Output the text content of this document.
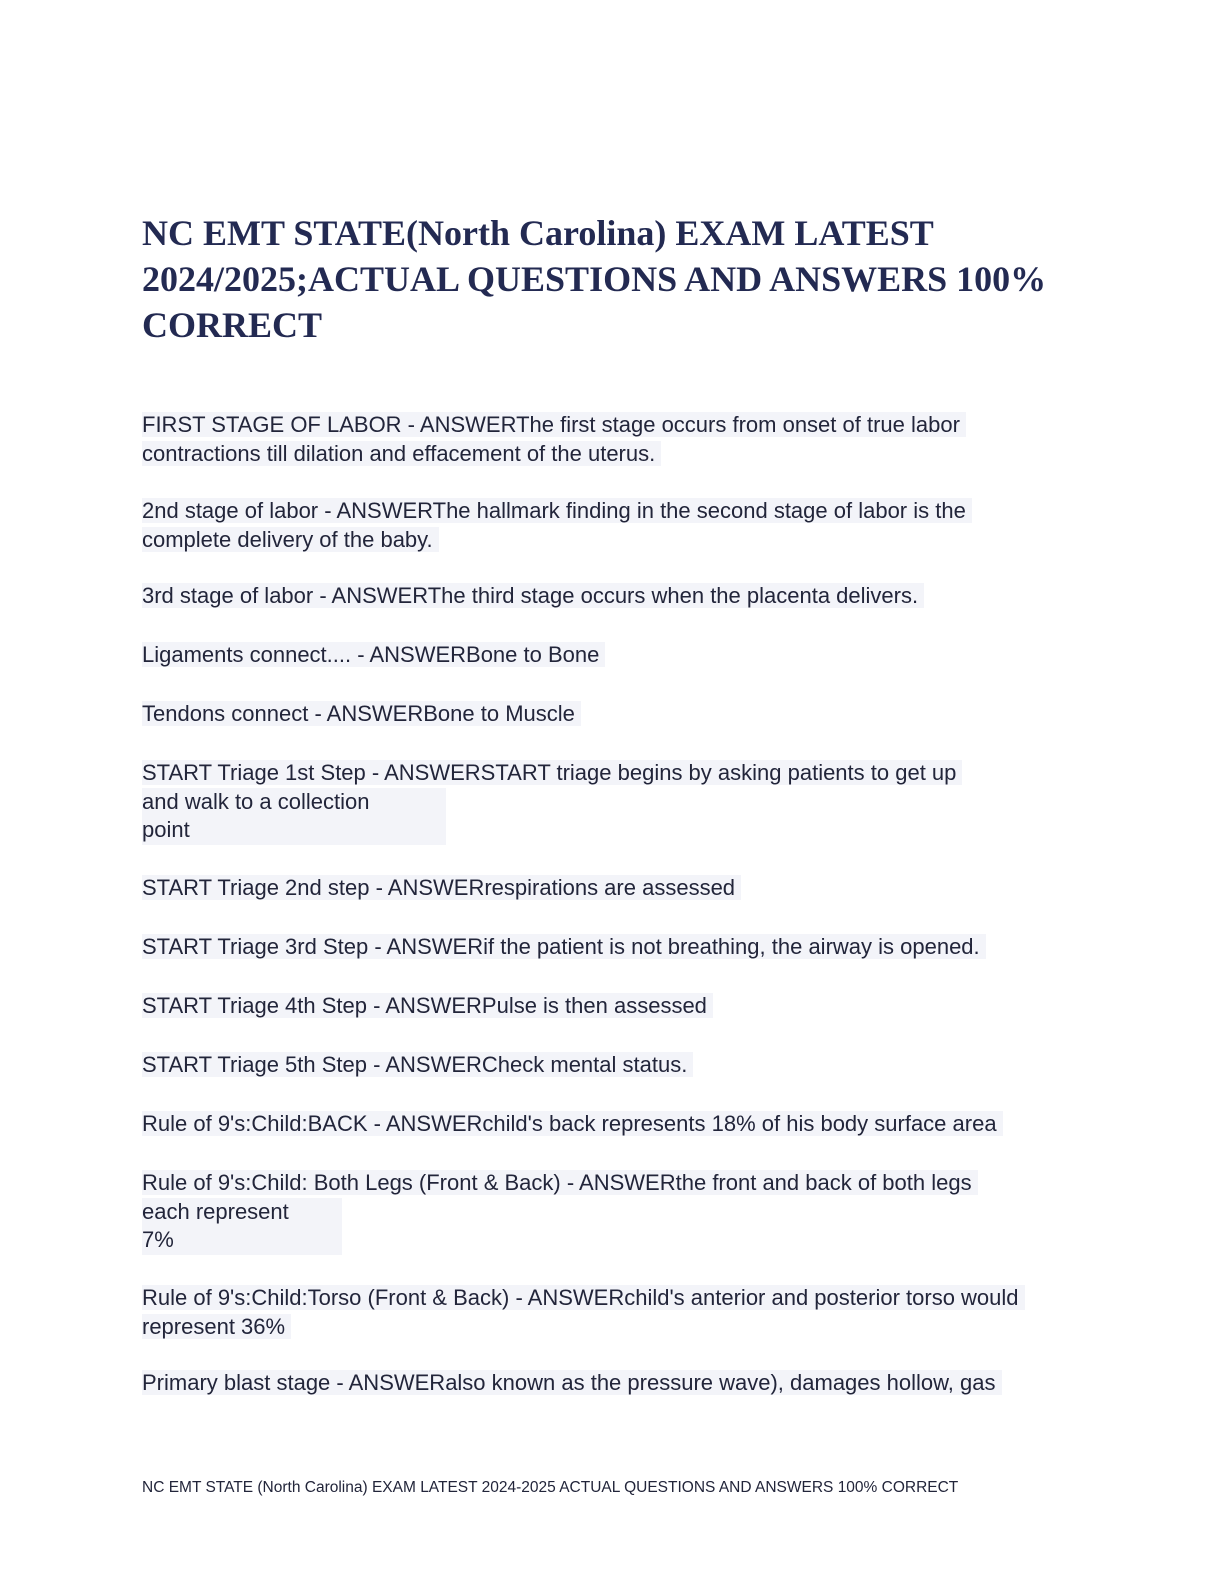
NC EMT STATE(North Carolina) EXAM LATEST 2024/2025;ACTUAL QUESTIONS AND ANSWERS 100% CORRECT
FIRST STAGE OF LABOR - ANSWERThe first stage occurs from onset of true labor contractions till dilation and effacement of the uterus.
2nd stage of labor - ANSWERThe hallmark finding in the second stage of labor is the complete delivery of the baby.
3rd stage of labor - ANSWERThe third stage occurs when the placenta delivers.
Ligaments connect.... - ANSWERBone to Bone
Tendons connect - ANSWERBone to Muscle
START Triage 1st Step - ANSWERSTART triage begins by asking patients to get up
and walk to a collection
point
START Triage 2nd step - ANSWERrespirations are assessed
START Triage 3rd Step - ANSWERif the patient is not breathing, the airway is opened.
START Triage 4th Step - ANSWERPulse is then assessed
START Triage 5th Step - ANSWERCheck mental status.
Rule of 9's:Child:BACK - ANSWERchild's back represents 18% of his body surface area
Rule of 9's:Child: Both Legs (Front & Back) - ANSWERthe front and back of both legs
each represent
7%
Rule of 9's:Child:Torso (Front & Back) - ANSWERchild's anterior and posterior torso would represent 36%
Primary blast stage - ANSWERalso known as the pressure wave), damages hollow, gas
NC EMT STATE (North Carolina) EXAM LATEST 2024-2025 ACTUAL QUESTIONS AND ANSWERS 100% CORRECT
